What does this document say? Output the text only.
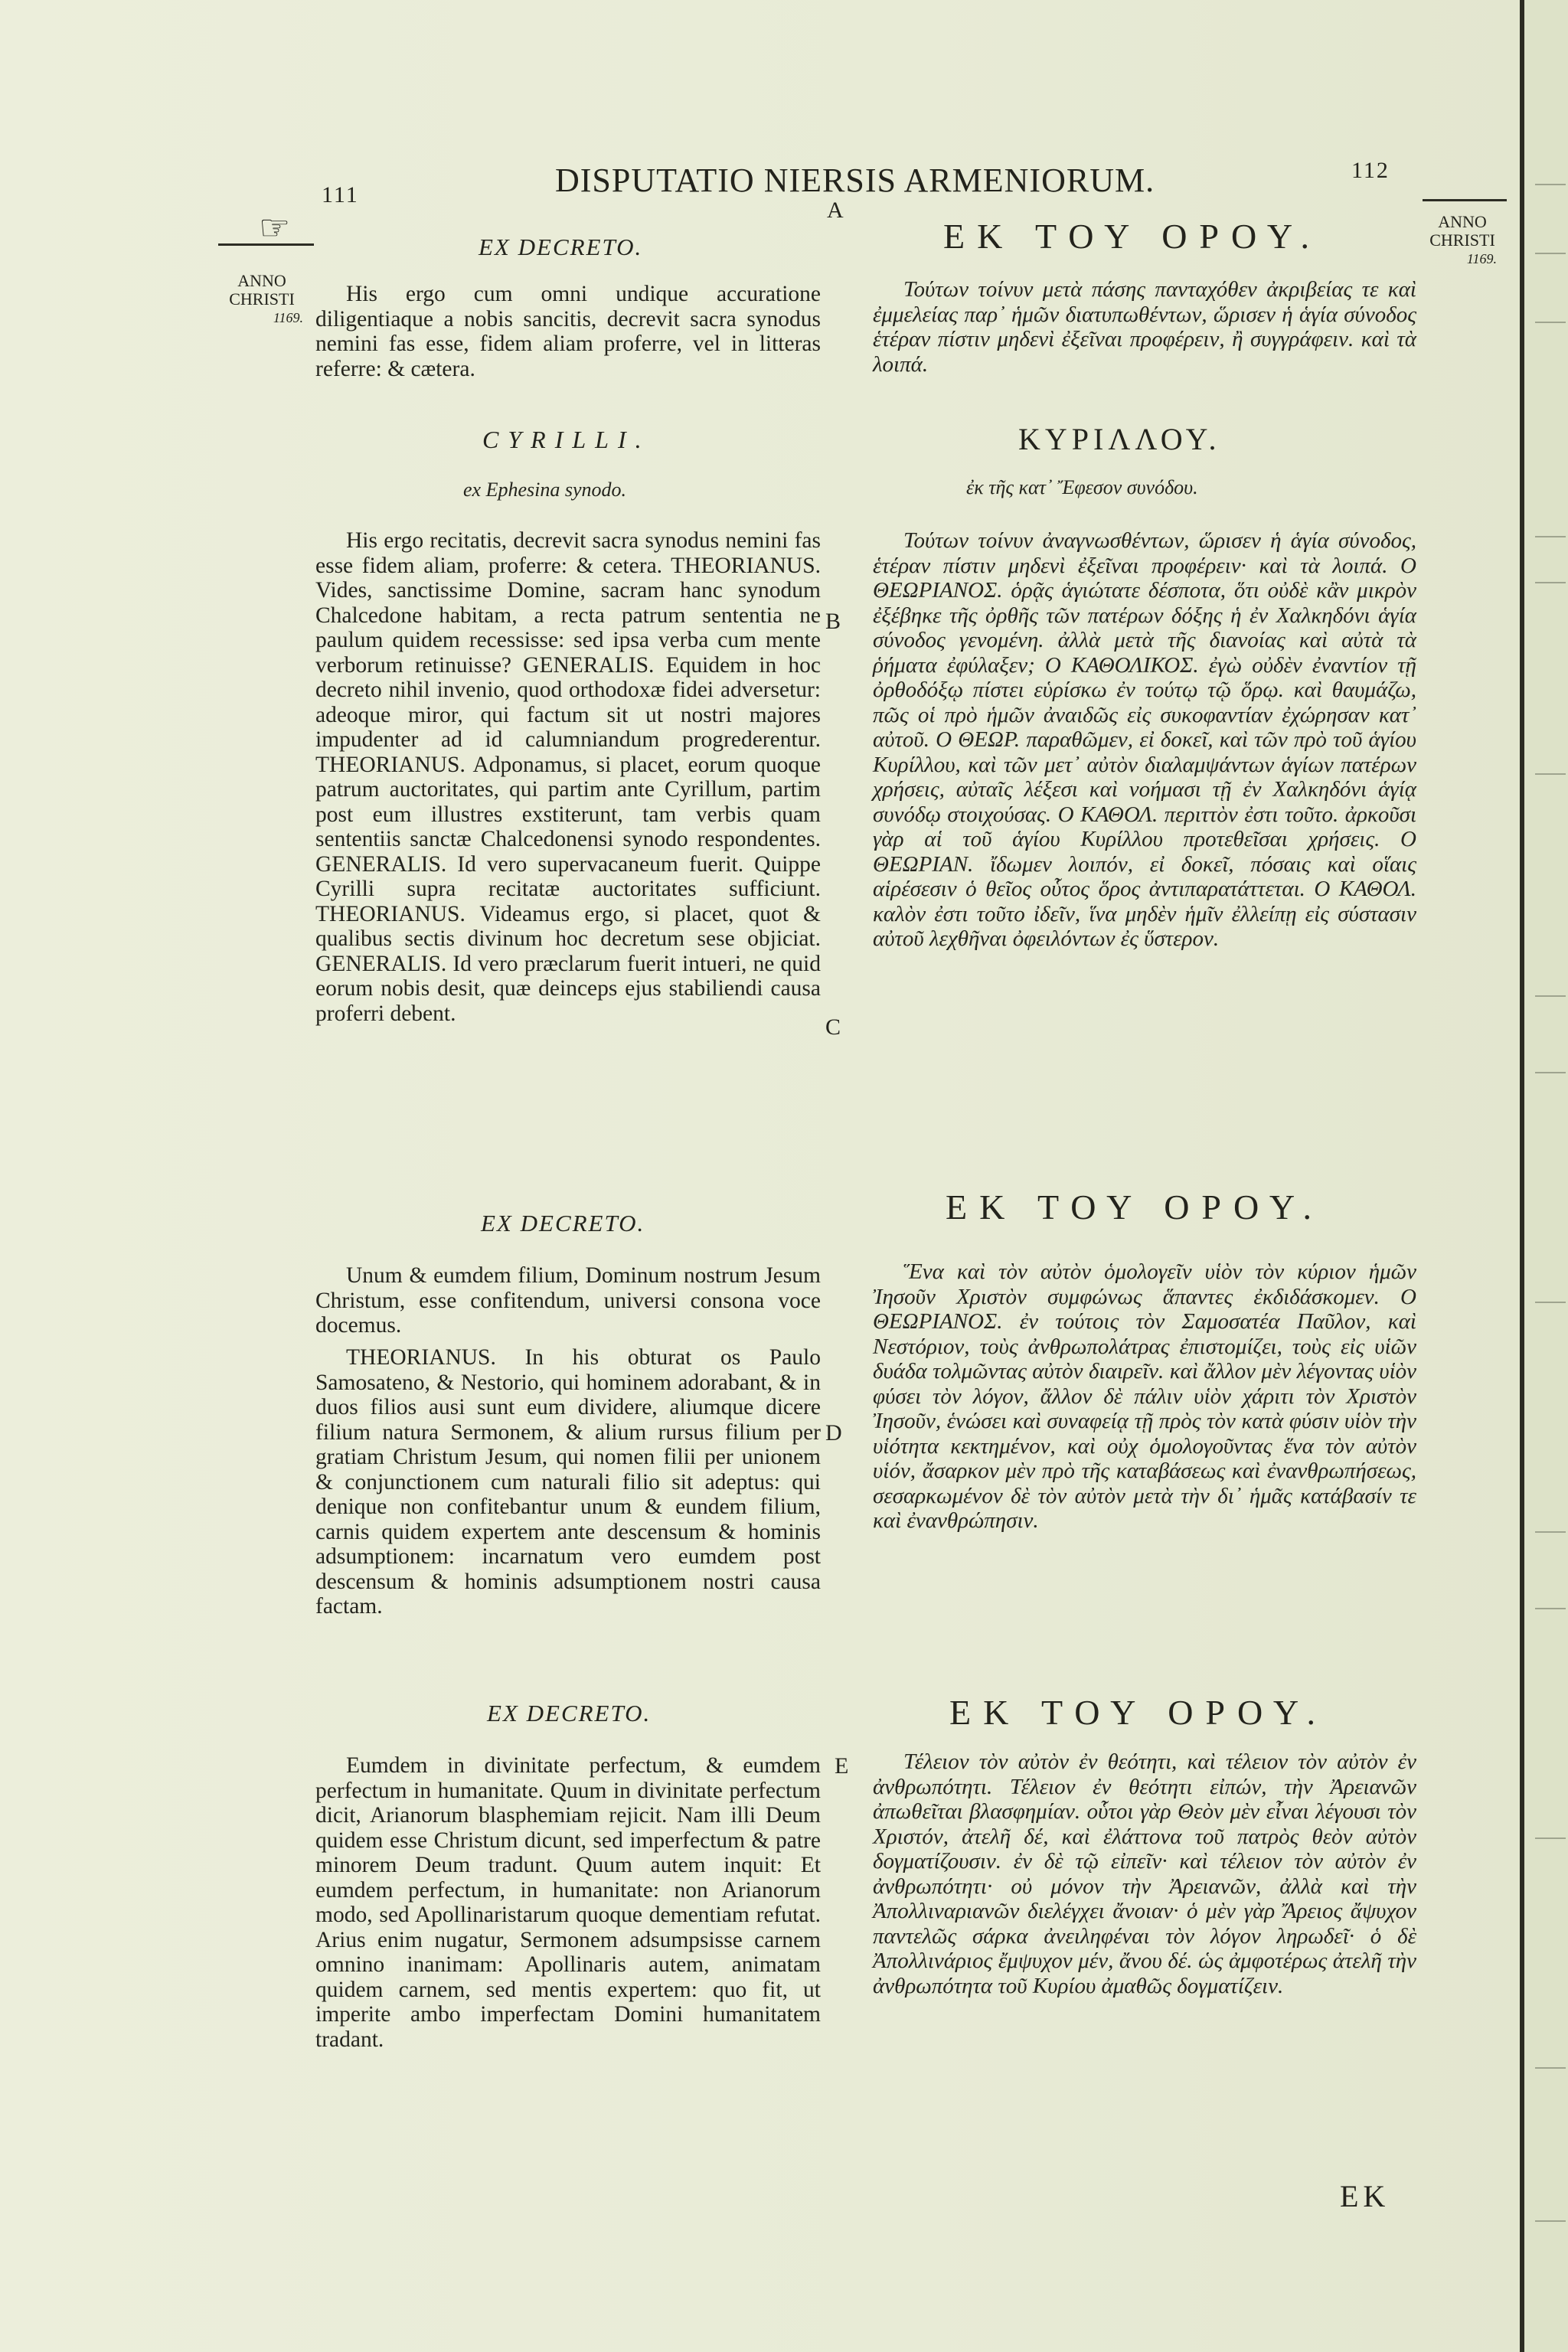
111	DISPUTATIO NIERSIS ARMENIORUM.	112
A
☞
ANNO
CHRISTI
1169.
ANNO
CHRISTI
1169.
B
C
D
E
EX DECRETO.
His ergo cum omni undique accuratione diligentiaque a nobis sancitis, decrevit sacra synodus nemini fas esse, fidem aliam proferre, vel in litteras referre: & cætera.
CYRILLI.
ex Ephesina synodo.
His ergo recitatis, decrevit sacra synodus nemini fas esse fidem aliam, proferre: & cetera. THEORIANUS. Vides, sanctissime Domine, sacram hanc synodum Chalcedone habitam, a recta patrum sententia ne paulum quidem recessisse: sed ipsa verba cum mente verborum retinuisse? GENERALIS. Equidem in hoc decreto nihil invenio, quod orthodoxæ fidei adversetur: adeoque miror, qui factum sit ut nostri majores impudenter ad id calumniandum progrederentur. THEORIANUS. Adponamus, si placet, eorum quoque patrum auctoritates, qui partim ante Cyrillum, partim post eum illustres exstiterunt, tam verbis quam sententiis sanctæ Chalcedonensi synodo respondentes. GENERALIS. Id vero supervacaneum fuerit. Quippe Cyrilli supra recitatæ auctoritates sufficiunt. THEORIANUS. Videamus ergo, si placet, quot & qualibus sectis divinum hoc decretum sese objiciat. GENERALIS. Id vero præclarum fuerit intueri, ne quid eorum nobis desit, quæ deinceps ejus stabiliendi causa proferri debent.
EX DECRETO.
Unum & eumdem filium, Dominum nostrum Jesum Christum, esse confitendum, universi consona voce docemus.
THEORIANUS. In his obturat os Paulo Samosateno, & Nestorio, qui hominem adorabant, & in duos filios ausi sunt eum dividere, aliumque dicere filium natura Sermonem, & alium rursus filium per gratiam Christum Jesum, qui nomen filii per unionem & conjunctionem cum naturali filio sit adeptus: qui denique non confitebantur unum & eundem filium, carnis quidem expertem ante descensum & hominis adsumptionem: incarnatum vero eumdem post descensum & hominis adsumptionem nostri causa factam.
EX DECRETO.
Eumdem in divinitate perfectum, & eumdem perfectum in humanitate. Quum in divinitate perfectum dicit, Arianorum blasphemiam rejicit. Nam illi Deum quidem esse Christum dicunt, sed imperfectum & patre minorem Deum tradunt. Quum autem inquit: Et eumdem perfectum, in humanitate: non Arianorum modo, sed Apollinaristarum quoque dementiam refutat. Arius enim nugatur, Sermonem adsumpsisse carnem omnino inanimam: Apollinaris autem, animatam quidem carnem, sed mentis expertem: quo fit, ut imperite ambo imperfectam Domini humanitatem tradant.
ΕΚ ΤΟΥ ΟΡΟΥ.
Τούτων τοίνυν μετὰ πάσης πανταχόθεν ἀκριβείας τε καὶ ἐμμελείας παρ᾽ ἡμῶν διατυπωθέντων, ὥρισεν ἡ ἁγία σύνοδος ἑτέραν πίστιν μηδενὶ ἐξεῖναι προφέρειν, ἢ συγγράφειν. καὶ τὰ λοιπά.
ΚΥΡΙΛΛΟΥ.
ἐκ τῆς κατ᾽ Ἔφεσον συνόδου.
Τούτων τοίνυν ἀναγνωσθέντων, ὥρισεν ἡ ἁγία σύνοδος, ἑτέραν πίστιν μηδενὶ ἐξεῖναι προφέρειν· καὶ τὰ λοιπά. Ο ΘΕΩΡΙΑΝΟΣ. ὁρᾷς ἁγιώτατε δέσποτα, ὅτι οὐδὲ κἂν μικρὸν ἐξέβηκε τῆς ὀρθῆς τῶν πατέρων δόξης ἡ ἐν Χαλκηδόνι ἁγία σύνοδος γενομένη. ἀλλὰ μετὰ τῆς διανοίας καὶ αὐτὰ τὰ ῥήματα ἐφύλαξεν; Ο ΚΑΘΟΛΙΚΟΣ. ἐγὼ οὐδὲν ἐναντίον τῇ ὀρθοδόξῳ πίστει εὑρίσκω ἐν τούτῳ τῷ ὅρῳ. καὶ θαυμάζω, πῶς οἱ πρὸ ἡμῶν ἀναιδῶς εἰς συκοφαντίαν ἐχώρησαν κατ᾽ αὐτοῦ. Ο ΘΕΩΡ. παραθῶμεν, εἰ δοκεῖ, καὶ τῶν πρὸ τοῦ ἁγίου Κυρίλλου, καὶ τῶν μετ᾽ αὐτὸν διαλαμψάντων ἁγίων πατέρων χρήσεις, αὐταῖς λέξεσι καὶ νοήμασι τῇ ἐν Χαλκηδόνι ἁγίᾳ συνόδῳ στοιχούσας. Ο ΚΑΘΟΛ. περιττὸν ἐστι τοῦτο. ἀρκοῦσι γὰρ αἱ τοῦ ἁγίου Κυρίλλου προτεθεῖσαι χρήσεις. Ο ΘΕΩΡΙΑΝ. ἴδωμεν λοιπόν, εἰ δοκεῖ, πόσαις καὶ οἵαις αἱρέσεσιν ὁ θεῖος οὗτος ὅρος ἀντιπαρατάττεται. Ο ΚΑΘΟΛ. καλὸν ἐστι τοῦτο ἰδεῖν, ἵνα μηδὲν ἡμῖν ἐλλείπῃ εἰς σύστασιν αὐτοῦ λεχθῆναι ὀφειλόντων ἐς ὕστερον.
ΕΚ ΤΟΥ ΟΡΟΥ.
Ἕνα καὶ τὸν αὐτὸν ὁμολογεῖν υἱὸν τὸν κύριον ἡμῶν Ἰησοῦν Χριστὸν συμφώνως ἅπαντες ἐκδιδάσκομεν. Ο ΘΕΩΡΙΑΝΟΣ. ἐν τούτοις τὸν Σαμοσατέα Παῦλον, καὶ Νεστόριον, τοὺς ἀνθρωπολάτρας ἐπιστομίζει, τοὺς εἰς υἱῶν δυάδα τολμῶντας αὐτὸν διαιρεῖν. καὶ ἄλλον μὲν λέγοντας υἱὸν φύσει τὸν λόγον, ἄλλον δὲ πάλιν υἱὸν χάριτι τὸν Χριστὸν Ἰησοῦν, ἑνώσει καὶ συναφείᾳ τῇ πρὸς τὸν κατὰ φύσιν υἱὸν τὴν υἱότητα κεκτημένον, καὶ οὐχ ὁμολογοῦντας ἕνα τὸν αὐτὸν υἱόν, ἄσαρκον μὲν πρὸ τῆς καταβάσεως καὶ ἐνανθρωπήσεως, σεσαρκωμένον δὲ τὸν αὐτὸν μετὰ τὴν δι᾽ ἡμᾶς κατάβασίν τε καὶ ἐνανθρώπησιν.
ΕΚ ΤΟΥ ΟΡΟΥ.
Τέλειον τὸν αὐτὸν ἐν θεότητι, καὶ τέλειον τὸν αὐτὸν ἐν ἀνθρωπότητι. Τέλειον ἐν θεότητι εἰπών, τὴν Ἀρειανῶν ἀπωθεῖται βλασφημίαν. οὗτοι γὰρ Θεὸν μὲν εἶναι λέγουσι τὸν Χριστόν, ἀτελῆ δέ, καὶ ἐλάττονα τοῦ πατρὸς θεὸν αὐτὸν δογματίζουσιν. ἐν δὲ τῷ εἰπεῖν· καὶ τέλειον τὸν αὐτὸν ἐν ἀνθρωπότητι· οὐ μόνον τὴν Ἀρειανῶν, ἀλλὰ καὶ τὴν Ἀπολλιναριανῶν διελέγχει ἄνοιαν· ὁ μὲν γὰρ Ἄρειος ἄψυχον παντελῶς σάρκα ἀνειληφέναι τὸν λόγον ληρωδεῖ· ὁ δὲ Ἀπολλινάριος ἔμψυχον μέν, ἄνου δέ. ὡς ἀμφοτέρως ἀτελῆ τὴν ἀνθρωπότητα τοῦ Κυρίου ἀμαθῶς δογματίζειν.
ΕΚ
